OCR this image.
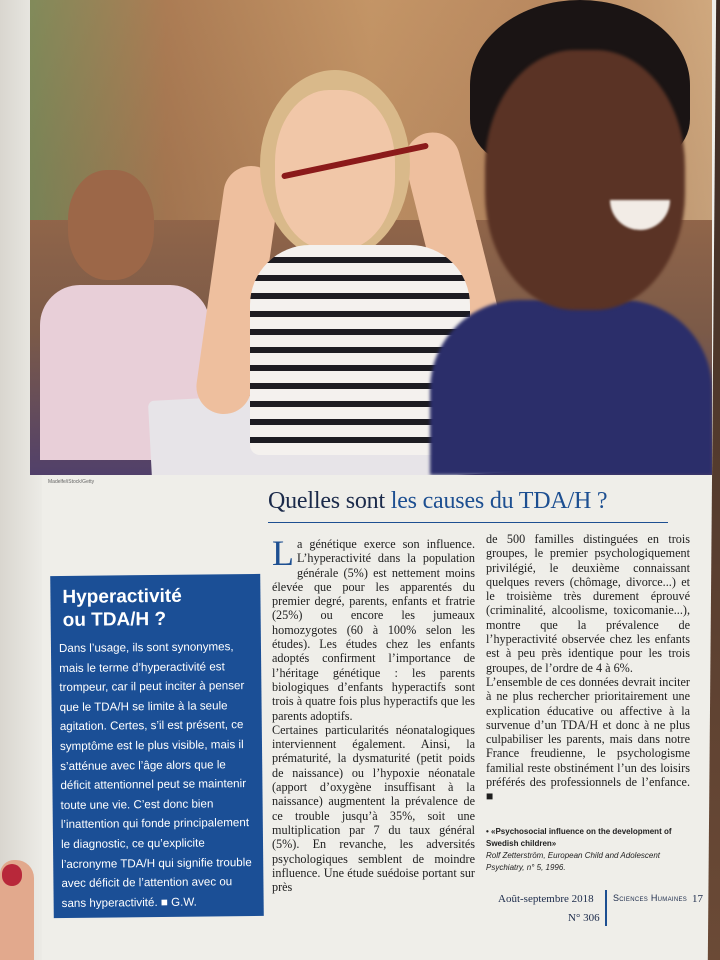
Madelfe/iStock/Getty
Quelles sont les causes du TDA/H ?
Hyperactivité
ou TDA/H ?
Dans l’usage, ils sont synonymes, mais le terme d’hyperactivité est trompeur, car il peut inciter à penser que le TDA/H se limite à la seule agitation. Certes, s’il est présent, ce symptôme est le plus visible, mais il s’atténue avec l’âge alors que le déficit attentionnel peut se maintenir toute une vie. C’est donc bien l’inattention qui fonde principalement le diagnostic, ce qu’explicite l’acronyme TDA/H qui signifie trouble avec déficit de l’attention avec ou sans hyperactivité. ■ G.W.

La génétique exerce son influence. L’hyperactivité dans la population générale (5%) est nettement moins élevée que pour les apparentés du premier degré, parents, enfants et fratrie (25%) ou encore les jumeaux homozygotes (60 à 100% selon les études). Les études chez les enfants adoptés confirment l’importance de l’héritage génétique : les parents biologiques d’enfants hyperactifs sont trois à quatre fois plus hyperactifs que les parents adoptifs.

Certaines particularités néonatalogiques interviennent également. Ainsi, la prématurité, la dysmaturité (petit poids de naissance) ou l’hypoxie néonatale (apport d’oxygène insuffisant à la naissance) augmentent la prévalence de ce trouble jusqu’à 35%, soit une multiplication par 7 du taux général (5%). En revanche, les adversités psychologiques semblent de moindre influence. Une étude suédoise portant sur près

de 500 familles distinguées en trois groupes, le premier psychologiquement privilégié, le deuxième connaissant quelques revers (chômage, divorce...) et le troisième très durement éprouvé (criminalité, alcoolisme, toxicomanie...), montre que la prévalence de l’hyperactivité observée chez les enfants est à peu près identique pour les trois groupes, de l’ordre de 4 à 6%.

L’ensemble de ces données devrait inciter à ne plus rechercher prioritairement une explication éducative ou affective à la survenue d’un TDA/H et donc à ne plus culpabiliser les parents, mais dans notre France freudienne, le psychologisme familial reste obstinément l’un des loisirs préférés des professionnels de l’enfance. ■

• «Psychosocial influence on the development of Swedish children»
Rolf Zetterström, European Child and Adolescent Psychiatry, n° 5, 1996.
Août-septembre 2018
N° 306
Sciences Humaines 17
